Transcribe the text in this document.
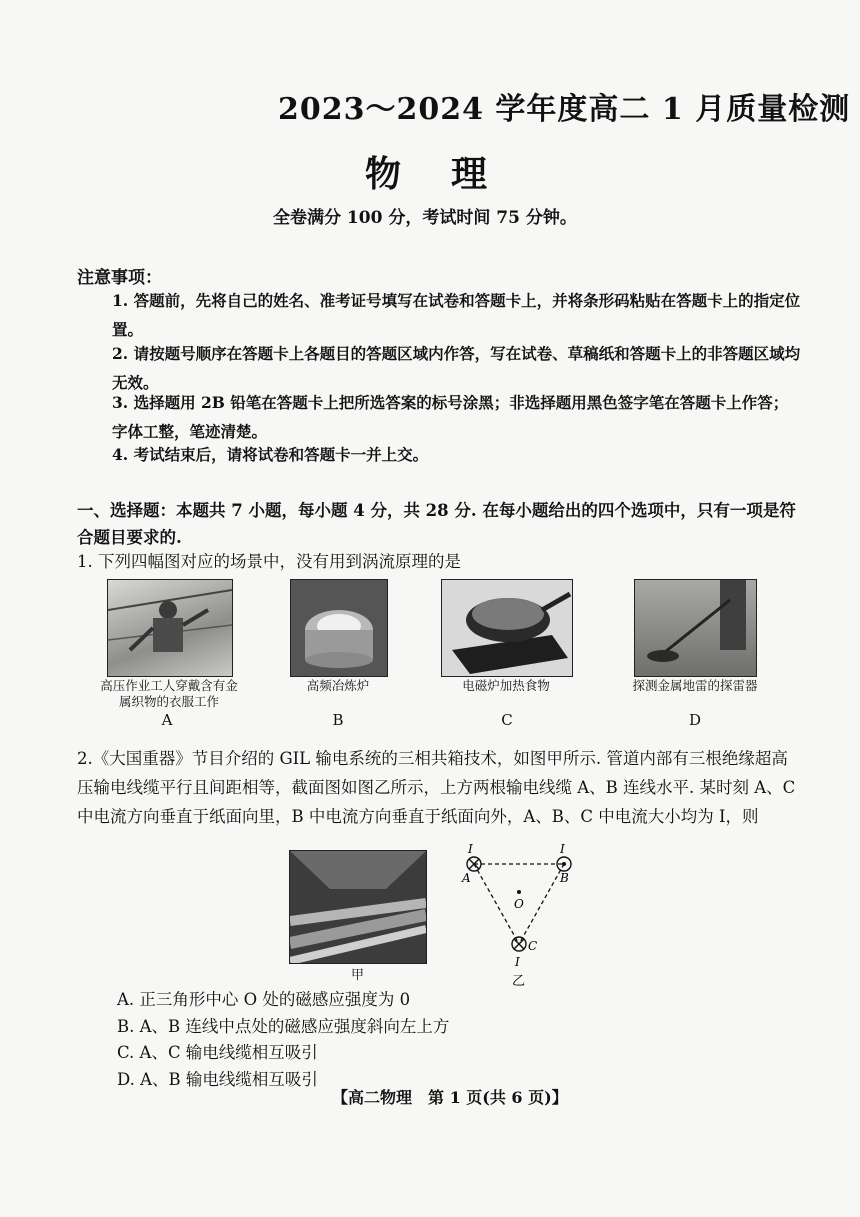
2023～2024 学年度高二 1 月质量检测
物理
全卷满分 100 分，考试时间 75 分钟。
注意事项：
1. 答题前，先将自己的姓名、准考证号填写在试卷和答题卡上，并将条形码粘贴在答题卡上的指定位置。
2. 请按题号顺序在答题卡上各题目的答题区域内作答，写在试卷、草稿纸和答题卡上的非答题区域均无效。
3. 选择题用 2B 铅笔在答题卡上把所选答案的标号涂黑；非选择题用黑色签字笔在答题卡上作答；字体工整，笔迹清楚。
4. 考试结束后，请将试卷和答题卡一并上交。
一、选择题：本题共 7 小题，每小题 4 分，共 28 分. 在每小题给出的四个选项中，只有一项是符合题目要求的.
1. 下列四幅图对应的场景中，没有用到涡流原理的是
高压作业工人穿戴含有金属织物的衣服工作
A
高频冶炼炉
B
电磁炉加热食物
C
探测金属地雷的探雷器
D
2.《大国重器》节目介绍的 GIL 输电系统的三相共箱技术，如图甲所示. 管道内部有三根绝缘超高压输电线缆平行且间距相等，截面图如图乙所示，上方两根输电线缆 A、B 连线水平. 某时刻 A、C 中电流方向垂直于纸面向里，B 中电流方向垂直于纸面向外，A、B、C 中电流大小均为 I，则
甲
I	I
I
A	B
C
O
乙
A. 正三角形中心 O 处的磁感应强度为 0
B. A、B 连线中点处的磁感应强度斜向左上方
C. A、C 输电线缆相互吸引
D. A、B 输电线缆相互吸引
【高二物理　第 1 页(共 6 页)】
